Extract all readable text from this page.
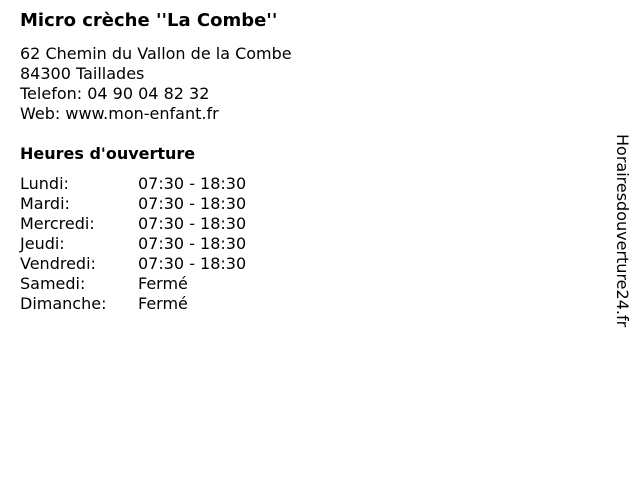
Micro crèche ''La Combe''
62 Chemin du Vallon de la Combe
84300 Taillades
Telefon: 04 90 04 82 32
Web: www.mon-enfant.fr
Heures d'ouverture
Lundi:	07:30 - 18:30
Mardi:	07:30 - 18:30
Mercredi:	07:30 - 18:30
Jeudi:	07:30 - 18:30
Vendredi:	07:30 - 18:30
Samedi:	Fermé
Dimanche:	Fermé	Horairesdouverture24.fr
